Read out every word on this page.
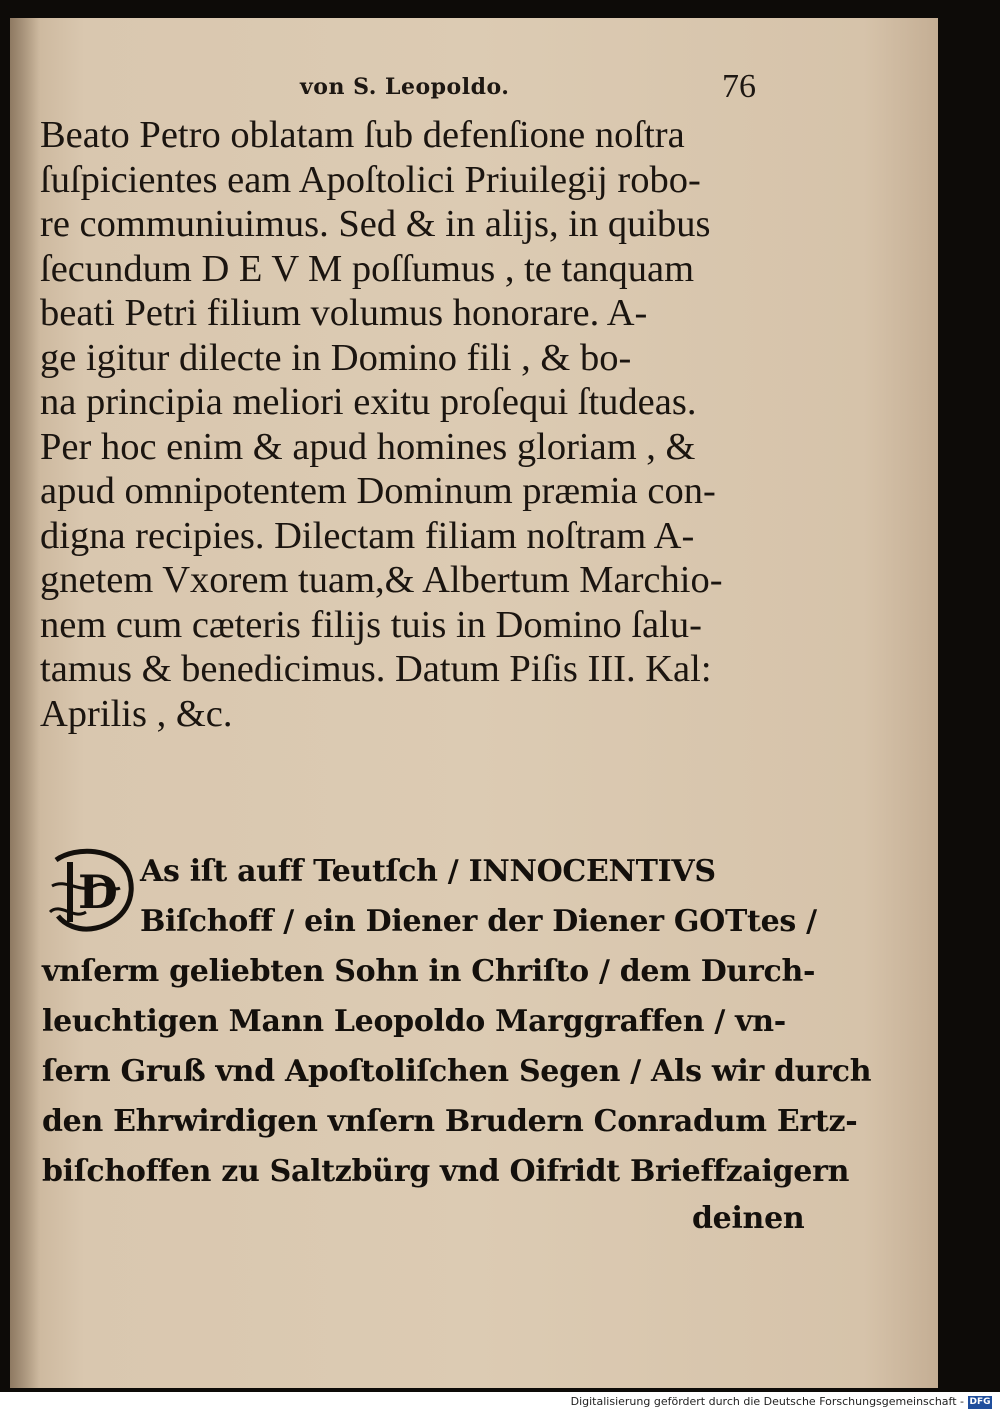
von S. Leopoldo.	76
Beato Petro oblatam ſub defenſione noſtra
ſuſpicientes eam Apoſtolici Priuilegij robo-
re communiuimus. Sed & in alijs, in quibus
ſecundum D E V M poſſumus , te tanquam
beati Petri filium volumus honorare. A-
ge igitur dilecte in Domino fili , & bo-
na principia meliori exitu proſequi ſtudeas.
Per hoc enim & apud homines gloriam , &
apud omnipotentem Dominum præmia con-
digna recipies. Dilectam filiam noſtram A-
gnetem Vxorem tuam,& Albertum Marchio-
nem cum cæteris filijs tuis in Domino ſalu-
tamus & benedicimus. Datum Piſis III. Kal:
Aprilis , &c.
D As iſt auff Teutſch / INNOCENTIVS
Biſchoff / ein Diener der Diener GOTtes /
vnſerm geliebten Sohn in Chriſto / dem Durch-
leuchtigen Mann Leopoldo Marggraffen / vn-
ſern Gruß vnd Apoſtoliſchen Segen / Als wir durch
den Ehrwirdigen vnſern Brudern Conradum Ertz-
biſchoffen zu Saltzbürg vnd Oifridt Brieffzaigern
deinen
Digitalisierung gefördert durch die Deutsche Forschungsgemeinschaft - DFG
